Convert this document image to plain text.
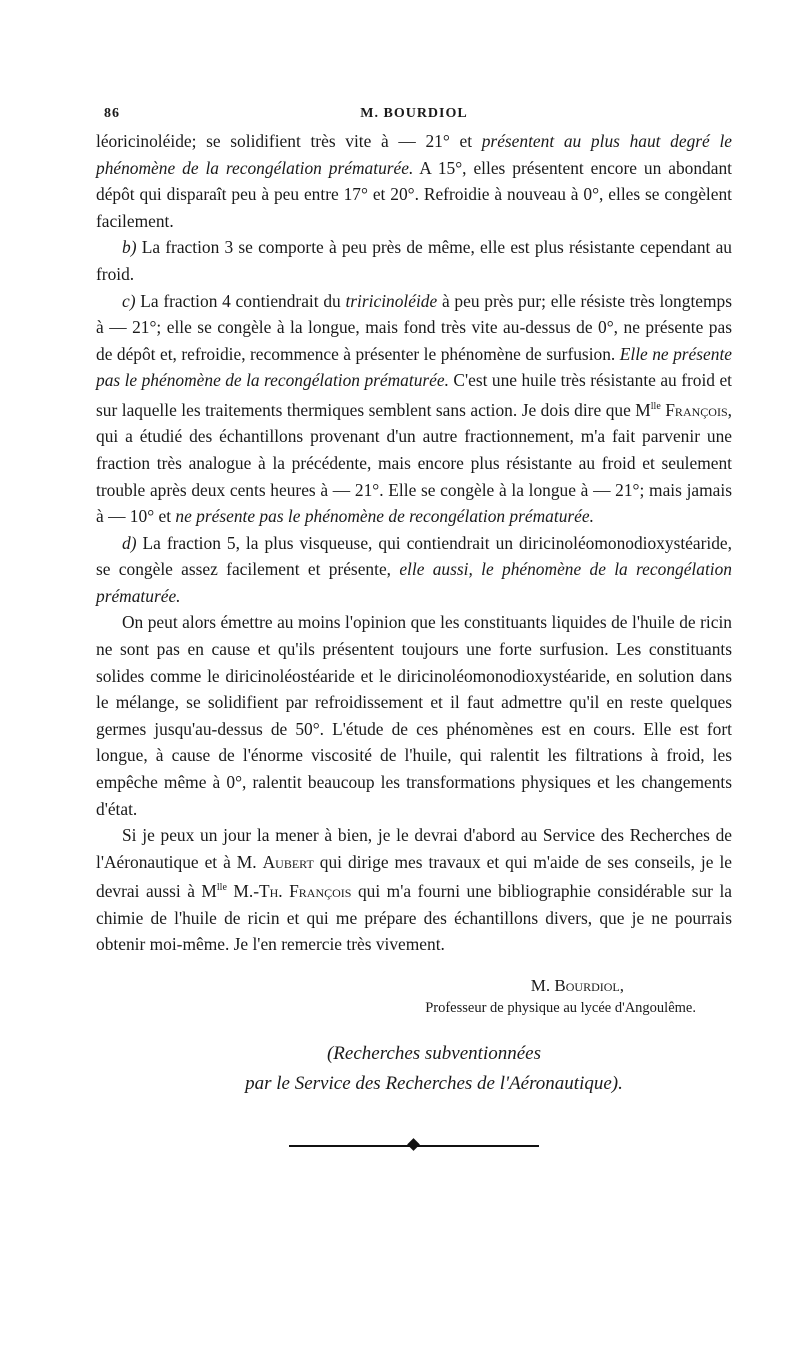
86	M. BOURDIOL

léoricinoléide; se solidifient très vite à — 21° et présentent au plus haut degré le phénomène de la recongélation prématurée. A 15°, elles présentent encore un abondant dépôt qui disparaît peu à peu entre 17° et 20°. Refroidie à nouveau à 0°, elles se congèlent facilement.

b) La fraction 3 se comporte à peu près de même, elle est plus résistante cependant au froid.

c) La fraction 4 contiendrait du triricinoléide à peu près pur; elle résiste très longtemps à — 21°; elle se congèle à la longue, mais fond très vite au-dessus de 0°, ne présente pas de dépôt et, refroidie, recommence à présenter le phénomène de surfusion. Elle ne présente pas le phénomène de la recongélation prématurée. C'est une huile très résistante au froid et sur laquelle les traitements thermiques semblent sans action. Je dois dire que $M^{lle}$ François, qui a étudié des échantillons provenant d'un autre fractionnement, m'a fait parvenir une fraction très analogue à la précédente, mais encore plus résistante au froid et seulement trouble après deux cents heures à — 21°. Elle se congèle à la longue à — 21°; mais jamais à — 10° et ne présente pas le phénomène de recongélation prématurée.

d) La fraction 5, la plus visqueuse, qui contiendrait un diricinoléomonodioxystéaride, se congèle assez facilement et présente, elle aussi, le phénomène de la recongélation prématurée.

On peut alors émettre au moins l'opinion que les constituants liquides de l'huile de ricin ne sont pas en cause et qu'ils présentent toujours une forte surfusion. Les constituants solides comme le diricinoléostéaride et le diricinoléomonodioxystéaride, en solution dans le mélange, se solidifient par refroidissement et il faut admettre qu'il en reste quelques germes jusqu'au-dessus de 50°. L'étude de ces phénomènes est en cours. Elle est fort longue, à cause de l'énorme viscosité de l'huile, qui ralentit les filtrations à froid, les empêche même à 0°, ralentit beaucoup les transformations physiques et les changements d'état.

Si je peux un jour la mener à bien, je le devrai d'abord au Service des Recherches de l'Aéronautique et à M. Aubert qui dirige mes travaux et qui m'aide de ses conseils, je le devrai aussi à $M^{lle}$ M.-Th. François qui m'a fourni une bibliographie considérable sur la chimie de l'huile de ricin et qui me prépare des échantillons divers, que je ne pourrais obtenir moi-même. Je l'en remercie très vivement.

M. Bourdiol,
Professeur de physique au lycée d'Angoulême.
(Recherches subventionnées
par le Service des Recherches de l'Aéronautique).
